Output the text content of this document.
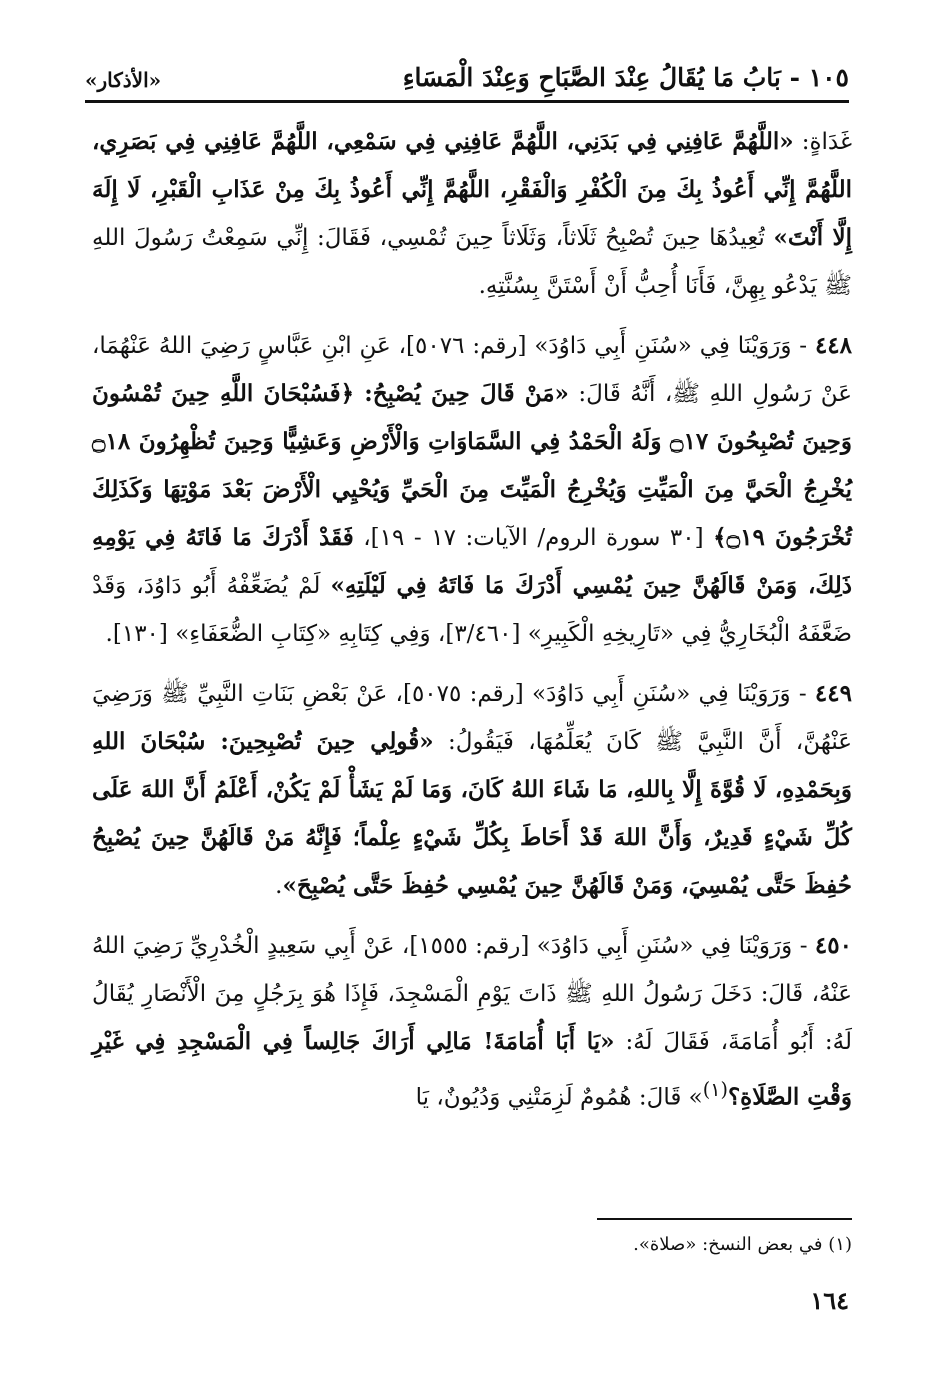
١٠٥ - بَابُ مَا يُقَالُ عِنْدَ الصَّبَاحِ وَعِنْدَ الْمَسَاءِ
«الأذكار»

غَدَاةٍ: «اللَّهُمَّ عَافِنِي فِي بَدَنِي، اللَّهُمَّ عَافِنِي فِي سَمْعِي، اللَّهُمَّ عَافِنِي فِي بَصَرِي، اللَّهُمَّ إِنِّي أَعُوذُ بِكَ مِنَ الْكُفْرِ وَالْفَقْرِ، اللَّهُمَّ إِنِّي أَعُوذُ بِكَ مِنْ عَذَابِ الْقَبْرِ، لَا إِلَهَ إِلَّا أَنْتَ» تُعِيدُهَا حِينَ تُصْبِحُ ثَلَاثاً، وَثَلَاثاً حِينَ تُمْسِي، فَقَالَ: إِنِّي سَمِعْتُ رَسُولَ اللهِ ﷺ يَدْعُو بِهِنَّ، فَأَنَا أُحِبُّ أَنْ أَسْتَنَّ بِسُنَّتِهِ.

٤٤٨ - وَرَوَيْنَا فِي «سُنَنِ أَبِي دَاوُدَ» [رقم: ٥٠٧٦]، عَنِ ابْنِ عَبَّاسٍ رَضِيَ اللهُ عَنْهُمَا، عَنْ رَسُولِ اللهِ ﷺ، أَنَّهُ قَالَ: «مَنْ قَالَ حِينَ يُصْبِحُ: ﴿فَسُبْحَانَ اللَّهِ حِينَ تُمْسُونَ وَحِينَ تُصْبِحُونَ ۝١٧ وَلَهُ الْحَمْدُ فِي السَّمَاوَاتِ وَالْأَرْضِ وَعَشِيًّا وَحِينَ تُظْهِرُونَ ۝١٨ يُخْرِجُ الْحَيَّ مِنَ الْمَيِّتِ وَيُخْرِجُ الْمَيِّتَ مِنَ الْحَيِّ وَيُحْيِي الْأَرْضَ بَعْدَ مَوْتِهَا وَكَذَلِكَ تُخْرَجُونَ ۝١٩﴾ [٣٠ سورة الروم/ الآيات: ١٧ - ١٩]، فَقَدْ أَدْرَكَ مَا فَاتَهُ فِي يَوْمِهِ ذَلِكَ، وَمَنْ قَالَهُنَّ حِينَ يُمْسِي أَدْرَكَ مَا فَاتَهُ فِي لَيْلَتِهِ» لَمْ يُضَعِّفْهُ أَبُو دَاوُدَ، وَقَدْ ضَعَّفَهُ الْبُخَارِيُّ فِي «تَارِيخِهِ الْكَبِيرِ» [٣/٤٦٠]، وَفِي كِتَابِهِ «كِتَابِ الضُّعَفَاءِ» [١٣٠].

٤٤٩ - وَرَوَيْنَا فِي «سُنَنِ أَبِي دَاوُدَ» [رقم: ٥٠٧٥]، عَنْ بَعْضِ بَنَاتِ النَّبِيِّ ﷺ وَرَضِيَ عَنْهُنَّ، أَنَّ النَّبِيَّ ﷺ كَانَ يُعَلِّمُهَا، فَيَقُولُ: «قُولِي حِينَ تُصْبِحِينَ: سُبْحَانَ اللهِ وَبِحَمْدِهِ، لَا قُوَّةَ إِلَّا بِاللهِ، مَا شَاءَ اللهُ كَانَ، وَمَا لَمْ يَشَأْ لَمْ يَكُنْ، أَعْلَمُ أَنَّ اللهَ عَلَى كُلِّ شَيْءٍ قَدِيرٌ، وَأَنَّ اللهَ قَدْ أَحَاطَ بِكُلِّ شَيْءٍ عِلْماً؛ فَإِنَّهُ مَنْ قَالَهُنَّ حِينَ يُصْبِحُ حُفِظَ حَتَّى يُمْسِيَ، وَمَنْ قَالَهُنَّ حِينَ يُمْسِي حُفِظَ حَتَّى يُصْبِحَ».

٤٥٠ - وَرَوَيْنَا فِي «سُنَنِ أَبِي دَاوُدَ» [رقم: ١٥٥٥]، عَنْ أَبِي سَعِيدٍ الْخُدْرِيِّ رَضِيَ اللهُ عَنْهُ، قَالَ: دَخَلَ رَسُولُ اللهِ ﷺ ذَاتَ يَوْمِ الْمَسْجِدَ، فَإِذَا هُوَ بِرَجُلٍ مِنَ الْأَنْصَارِ يُقَالُ لَهُ: أَبُو أُمَامَةَ، فَقَالَ لَهُ: «يَا أَبَا أُمَامَةَ! مَالِي أَرَاكَ جَالِساً فِي الْمَسْجِدِ فِي غَيْرِ وَقْتِ الصَّلَاةِ؟$^{(١)}$» قَالَ: هُمُومٌ لَزِمَتْنِي وَدُيُونٌ، يَا

(١) في بعض النسخ: «صلاة».
١٦٤
